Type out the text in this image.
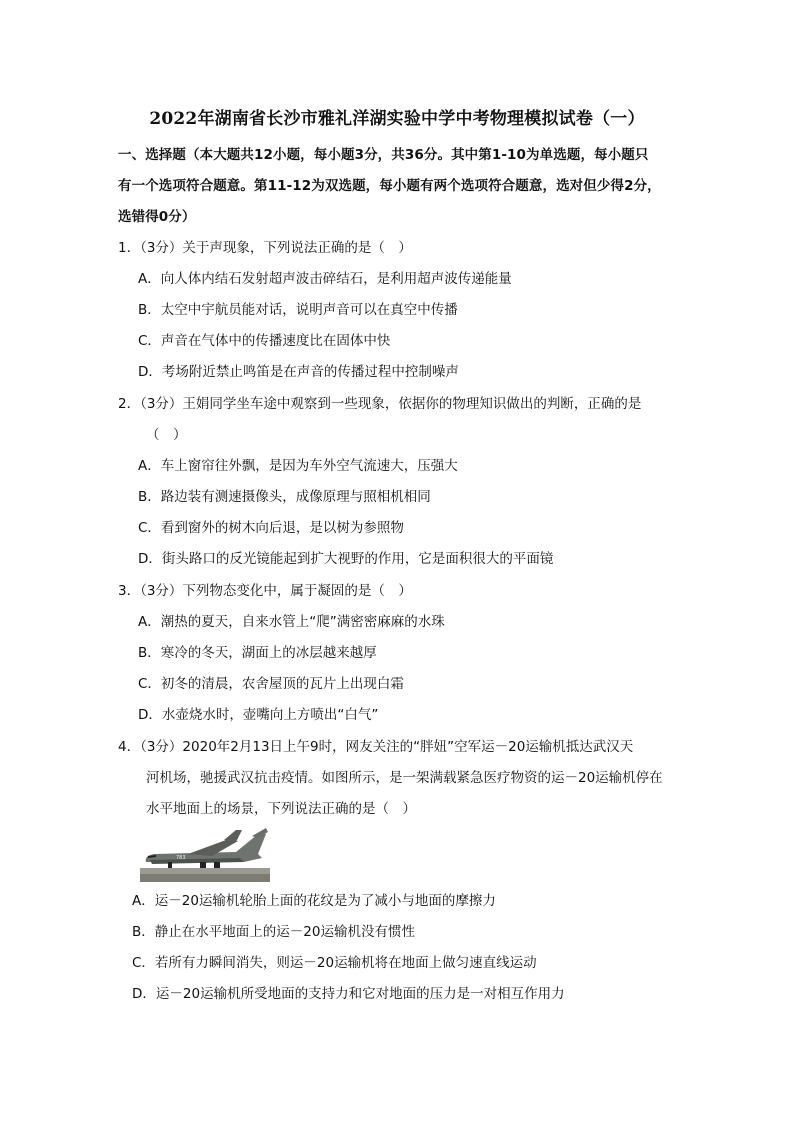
2022年湖南省长沙市雅礼洋湖实验中学中考物理模拟试卷（一）
一、选择题（本大题共12小题，每小题3分，共36分。其中第1-10为单选题，每小题只
有一个选项符合题意。第11-12为双选题，每小题有两个选项符合题意，选对但少得2分，
选错得0分）
1．（3分）关于声现象，下列说法正确的是（　）
A．向人体内结石发射超声波击碎结石，是利用超声波传递能量
B．太空中宇航员能对话，说明声音可以在真空中传播
C．声音在气体中的传播速度比在固体中快
D．考场附近禁止鸣笛是在声音的传播过程中控制噪声
2．（3分）王娟同学坐车途中观察到一些现象，依据你的物理知识做出的判断，正确的是
（　）
A．车上窗帘往外飘，是因为车外空气流速大，压强大
B．路边装有测速摄像头，成像原理与照相机相同
C．看到窗外的树木向后退，是以树为参照物
D．街头路口的反光镜能起到扩大视野的作用，它是面积很大的平面镜
3．（3分）下列物态变化中，属于凝固的是（　）
A．潮热的夏天，自来水管上“爬”满密密麻麻的水珠
B．寒冷的冬天，湖面上的冰层越来越厚
C．初冬的清晨，农舍屋顶的瓦片上出现白霜
D．水壶烧水时，壶嘴向上方喷出“白气”
4．（3分）2020年2月13日上午9时，网友关注的“胖妞”空军运－20运输机抵达武汉天
河机场，驰援武汉抗击疫情。如图所示，是一架满载紧急医疗物资的运－20运输机停在
水平地面上的场景，下列说法正确的是（　）
783
A．运－20运输机轮胎上面的花纹是为了减小与地面的摩擦力
B．静止在水平地面上的运－20运输机没有惯性
C．若所有力瞬间消失，则运－20运输机将在地面上做匀速直线运动
D．运－20运输机所受地面的支持力和它对地面的压力是一对相互作用力
